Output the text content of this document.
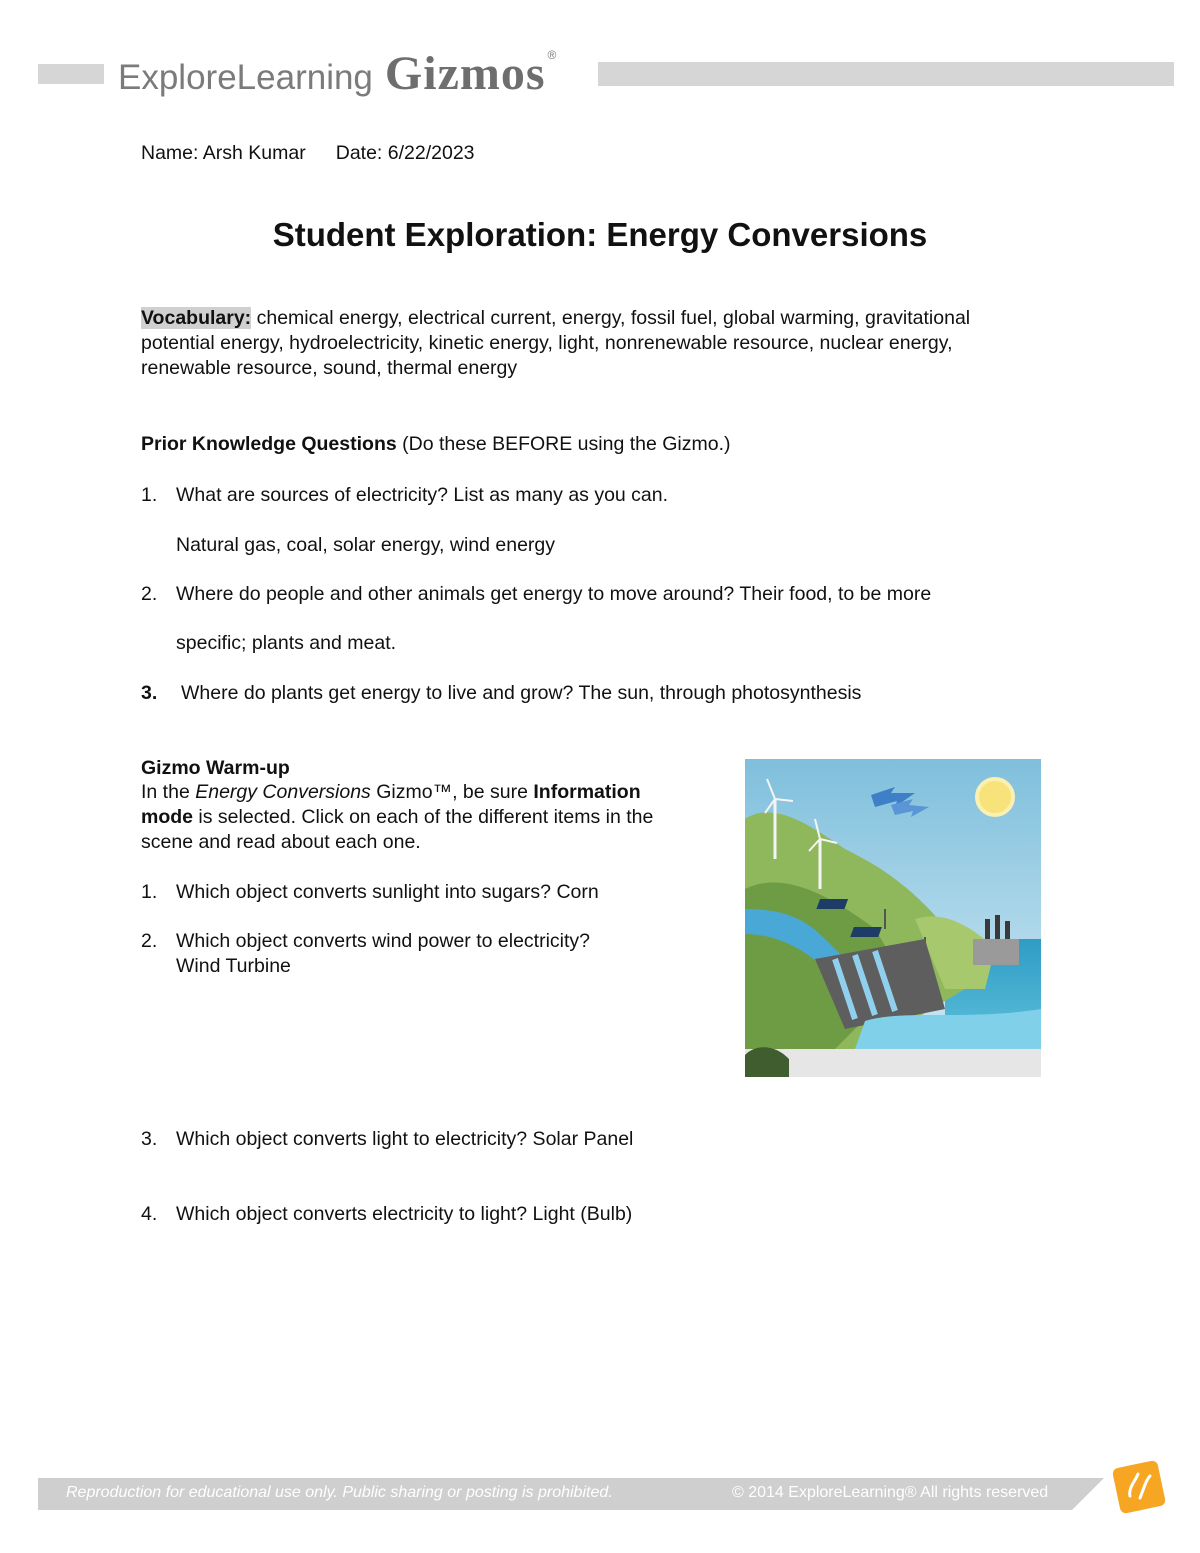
ExploreLearning Gizmos ®
Name: Arsh Kumar Date: 6/22/2023
Student Exploration: Energy Conversions
Vocabulary: chemical energy, electrical current, energy, fossil fuel, global warming, gravitational
potential energy, hydroelectricity, kinetic energy, light, nonrenewable resource, nuclear energy,
renewable resource, sound, thermal energy
Prior Knowledge Questions (Do these BEFORE using the Gizmo.)
1. What are sources of electricity? List as many as you can.
Natural gas, coal, solar energy, wind energy
2. Where do people and other animals get energy to move around? Their food, to be more
specific; plants and meat.
3. Where do plants get energy to live and grow? The sun, through photosynthesis
Gizmo Warm-up
In the Energy Conversions Gizmo™, be sure Information
mode is selected. Click on each of the different items in the
scene and read about each one.
1. Which object converts sunlight into sugars? Corn
2. Which object converts wind power to electricity?
Wind Turbine
3. Which object converts light to electricity? Solar Panel
4. Which object converts electricity to light? Light (Bulb)
Reproduction for educational use only. Public sharing or posting is prohibited.	© 2014 ExploreLearning® All rights reserved
